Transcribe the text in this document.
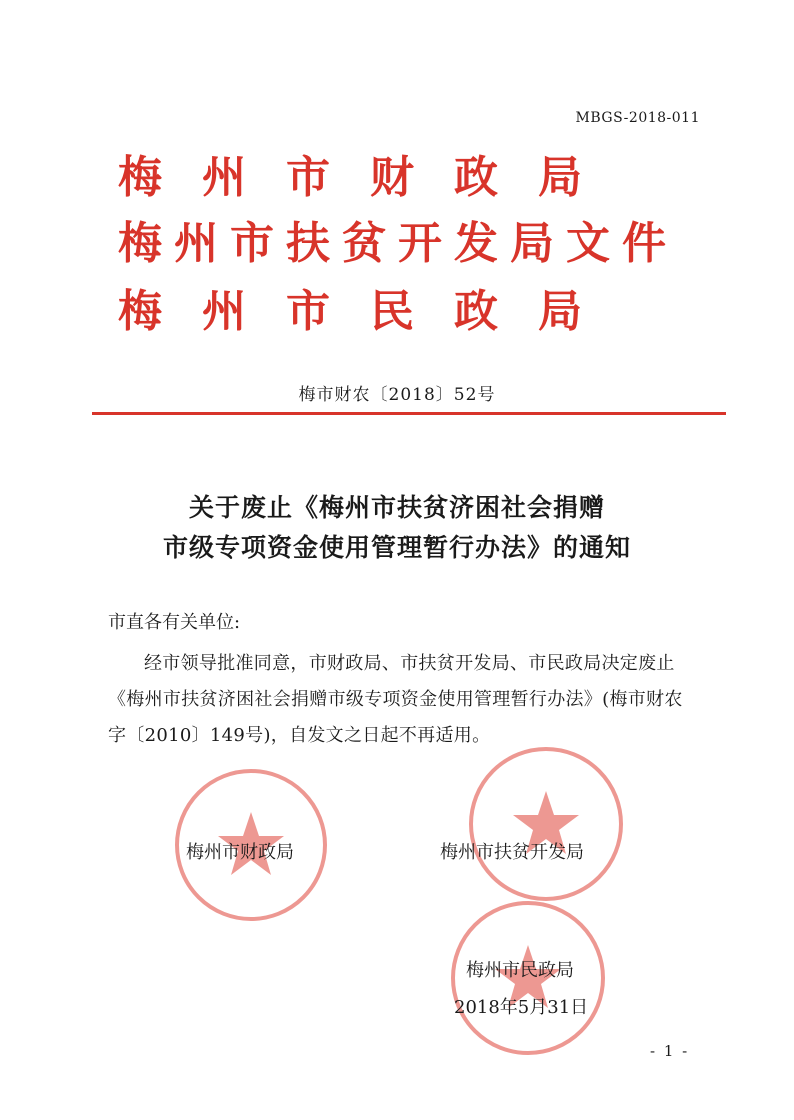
MBGS-2018-011
梅州市财政局
梅州市扶贫开发局文件
梅州市民政局
梅市财农〔2018〕52号
关于废止《梅州市扶贫济困社会捐赠
市级专项资金使用管理暂行办法》的通知
市直各有关单位:
经市领导批准同意，市财政局、市扶贫开发局、市民政局决定废止《梅州市扶贫济困社会捐赠市级专项资金使用管理暂行办法》(梅市财农字〔2010〕149号)，自发文之日起不再适用。
梅州市财政局	梅州市扶贫开发局
梅州市民政局
2018年5月31日
- 1 -
